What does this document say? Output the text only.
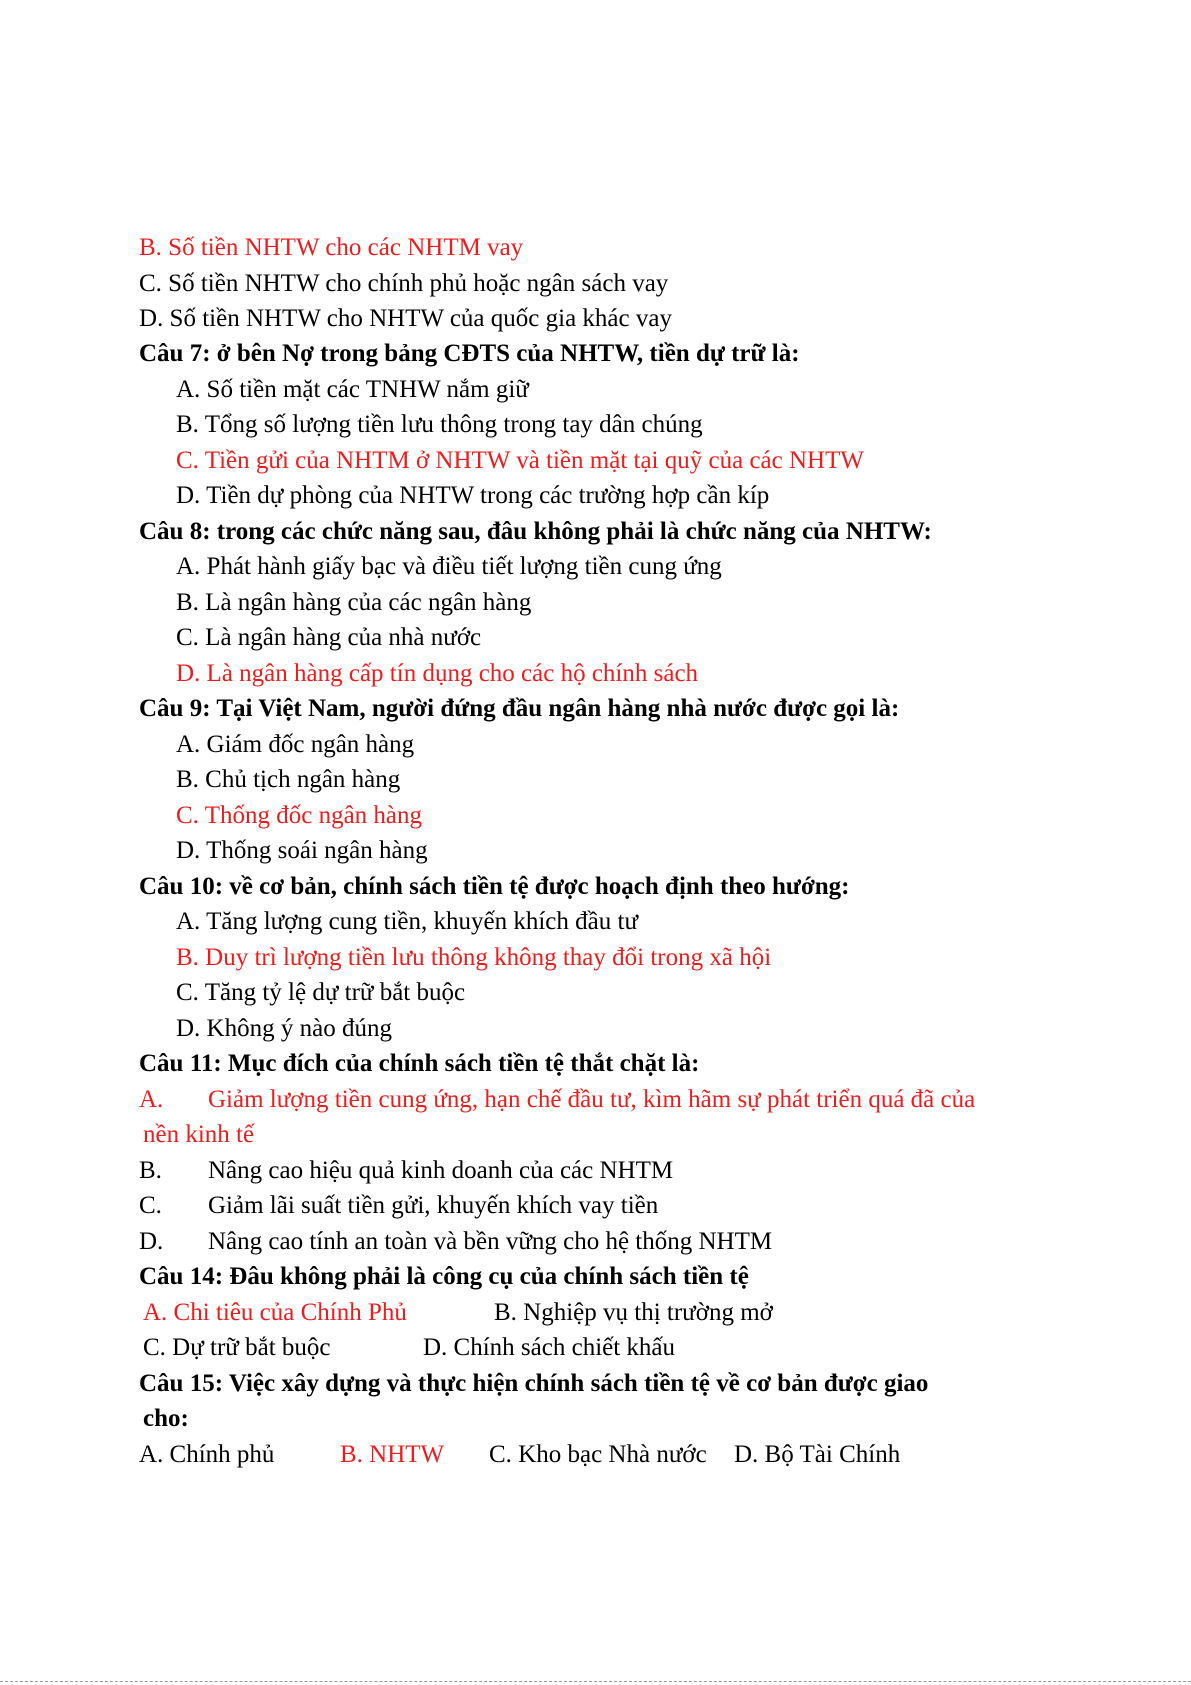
B. Số tiền NHTW cho các NHTM vay
C. Số tiền NHTW cho chính phủ hoặc ngân sách vay
D. Số tiền NHTW cho NHTW của quốc gia khác vay
Câu 7: ở bên Nợ trong bảng CĐTS của NHTW, tiền dự trữ là:
A. Số tiền mặt các TNHW nắm giữ
B. Tổng số lượng tiền lưu thông trong tay dân chúng
C. Tiền gửi của NHTM ở NHTW và tiền mặt tại quỹ của các NHTW
D. Tiền dự phòng của NHTW trong các trường hợp cần kíp
Câu 8: trong các chức năng sau, đâu không phải là chức năng của NHTW:
A. Phát hành giấy bạc và điều tiết lượng tiền cung ứng
B. Là ngân hàng của các ngân hàng
C. Là ngân hàng của nhà nước
D. Là ngân hàng cấp tín dụng cho các hộ chính sách
Câu 9: Tại Việt Nam, người đứng đầu ngân hàng nhà nước được gọi là:
A. Giám đốc ngân hàng
B. Chủ tịch ngân hàng
C. Thống đốc ngân hàng
D. Thống soái ngân hàng
Câu 10: về cơ bản, chính sách tiền tệ được hoạch định theo hướng:
A. Tăng lượng cung tiền, khuyến khích đầu tư
B. Duy trì lượng tiền lưu thông không thay đổi trong xã hội
C. Tăng tỷ lệ dự trữ bắt buộc
D. Không ý nào đúng
Câu 11: Mục đích của chính sách tiền tệ thắt chặt là:
A. Giảm lượng tiền cung ứng, hạn chế đầu tư, kìm hãm sự phát triển quá đã của
nền kinh tế
B. Nâng cao hiệu quả kinh doanh của các NHTM
C. Giảm lãi suất tiền gửi, khuyến khích vay tiền
D. Nâng cao tính an toàn và bền vững cho hệ thống NHTM
Câu 14: Đâu không phải là công cụ của chính sách tiền tệ
A. Chi tiêu của Chính Phủ	B. Nghiệp vụ thị trường mở
C. Dự trữ bắt buộc	D. Chính sách chiết khấu
Câu 15: Việc xây dựng và thực hiện chính sách tiền tệ về cơ bản được giao
cho:
A. Chính phủ	B. NHTW C. Kho bạc Nhà nước D. Bộ Tài Chính
